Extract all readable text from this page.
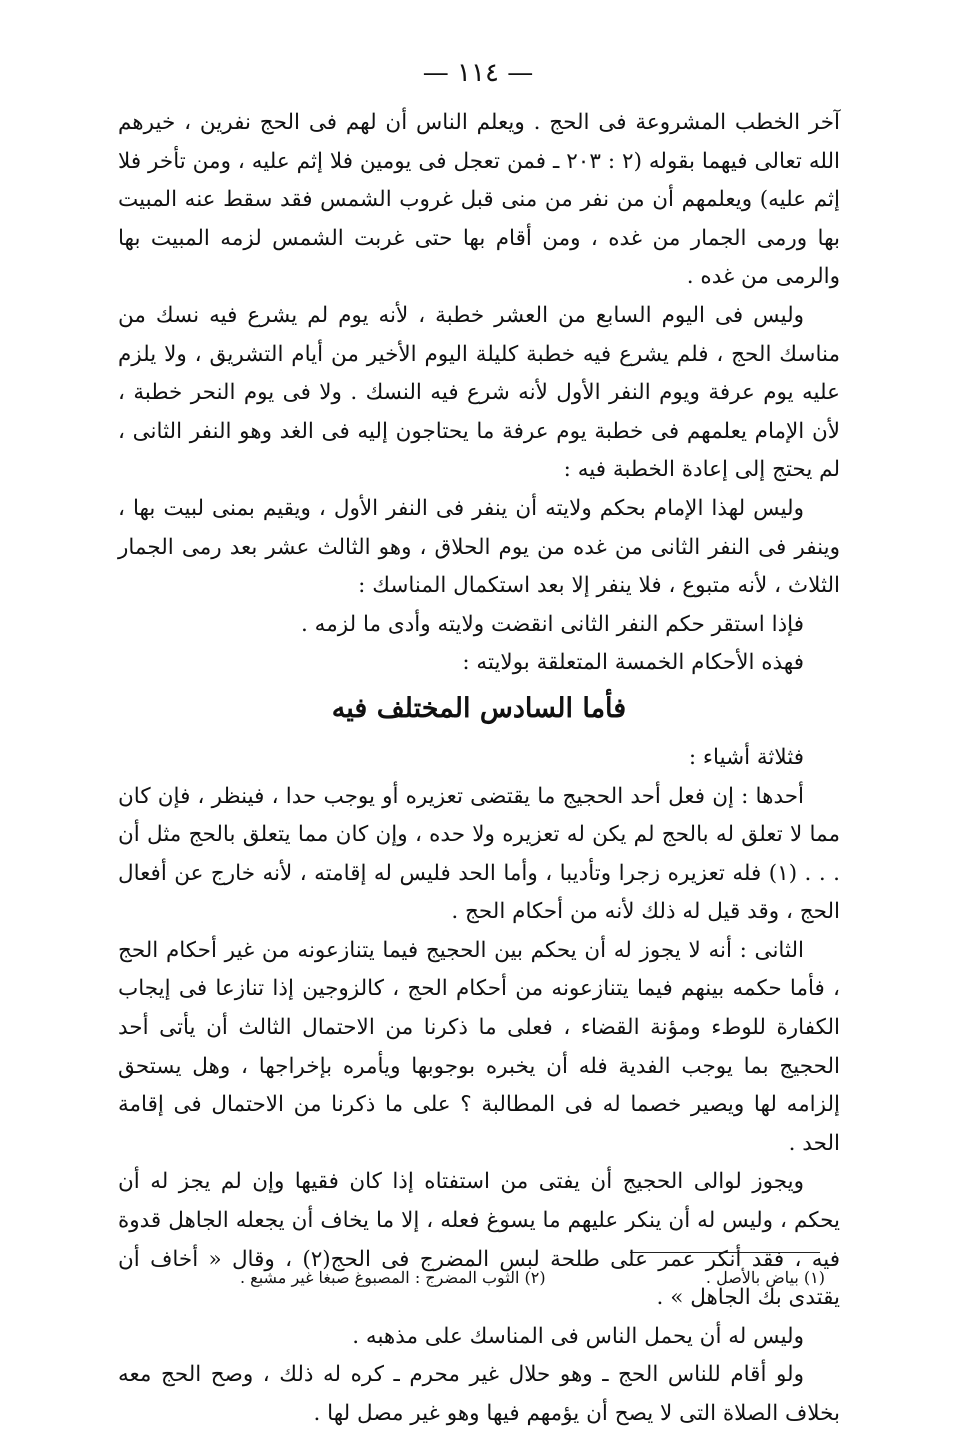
— ١١٤ —

آخر الخطب المشروعة فى الحج . ويعلم الناس أن لهم فى الحج نفرين ، خيرهم الله تعالى فيهما بقوله (٢ : ٢٠٣ ـ فمن تعجل فى يومين فلا إثم عليه ، ومن تأخر فلا إثم عليه) ويعلمهم أن من نفر من منى قبل غروب الشمس فقد سقط عنه المبيت بها ورمى الجمار من غده ، ومن أقام بها حتى غربت الشمس لزمه المبيت بها والرمى من غده .

وليس فى اليوم السابع من العشر خطبة ، لأنه يوم لم يشرع فيه نسك من مناسك الحج ، فلم يشرع فيه خطبة كليلة اليوم الأخير من أيام التشريق ، ولا يلزم عليه يوم عرفة ويوم النفر الأول لأنه شرع فيه النسك . ولا فى يوم النحر خطبة ، لأن الإمام يعلمهم فى خطبة يوم عرفة ما يحتاجون إليه فى الغد وهو النفر الثانى ، لم يحتج إلى إعادة الخطبة فيه :

وليس لهذا الإمام بحكم ولايته أن ينفر فى النفر الأول ، ويقيم بمنى لبيت بها ، وينفر فى النفر الثانى من غده من يوم الحلاق ، وهو الثالث عشر بعد رمى الجمار الثلاث ، لأنه متبوع ، فلا ينفر إلا بعد استكمال المناسك :

فإذا استقر حكم النفر الثانى انقضت ولايته وأدى ما لزمه .

فهذه الأحكام الخمسة المتعلقة بولايته :

فأما السادس المختلف فيه

فثلاثة أشياء :

أحدها : إن فعل أحد الحجيج ما يقتضى تعزيره أو يوجب حدا ، فينظر ، فإن كان مما لا تعلق له بالحج لم يكن له تعزيره ولا حده ، وإن كان مما يتعلق بالحج مثل أن . . . (١) فله تعزيره زجرا وتأديبا ، وأما الحد فليس له إقامته ، لأنه خارج عن أفعال الحج ، وقد قيل له ذلك لأنه من أحكام الحج .

الثانى : أنه لا يجوز له أن يحكم بين الحجيج فيما يتنازعونه من غير أحكام الحج ، فأما حكمه بينهم فيما يتنازعونه من أحكام الحج ، كالزوجين إذا تنازعا فى إيجاب الكفارة للوطء ومؤنة القضاء ، فعلى ما ذكرنا من الاحتمال الثالث أن يأتى أحد الحجيج بما يوجب الفدية فله أن يخبره بوجوبها ويأمره بإخراجها ، وهل يستحق إلزامه لها ويصير خصما له فى المطالبة ؟ على ما ذكرنا من الاحتمال فى إقامة الحد .

ويجوز لوالى الحجيج أن يفتى من استفتاه إذا كان فقيها وإن لم يجز له أن يحكم ، وليس له أن ينكر عليهم ما يسوغ فعله ، إلا ما يخاف أن يجعله الجاهل قدوة فيه ، فقد أنكر عمر على طلحة لبس المضرج فى الحج(٢) ، وقال « أخاف أن يقتدى بك الجاهل » .

وليس له أن يحمل الناس فى المناسك على مذهبه .

ولو أقام للناس الحج ـ وهو حلال غير محرم ـ كره له ذلك ، وصح الحج معه بخلاف الصلاة التى لا يصح أن يؤمهم فيها وهو غير مصل لها .

(١) بياض بالأصل .
(٢) الثوب المضرج : المصبوغ صبغا غير مشبع .
